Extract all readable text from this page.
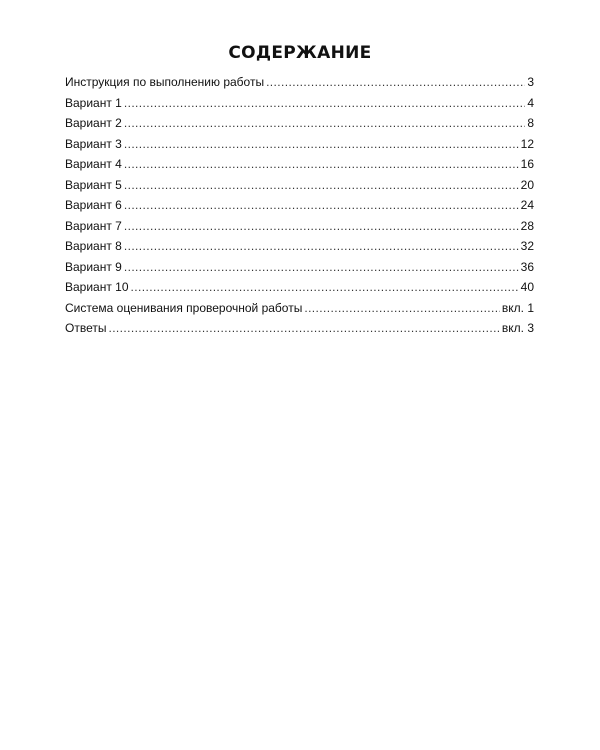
СОДЕРЖАНИЕ
Инструкция по выполнению работы .....	3
Вариант 1 .....	4
Вариант 2 .....	8
Вариант 3 .....	12
Вариант 4 .....	16
Вариант 5 .....	20
Вариант 6 .....	24
Вариант 7 .....	28
Вариант 8 .....	32
Вариант 9 .....	36
Вариант 10 .....	40
Система оценивания проверочной работы .....	вкл. 1
Ответы .....	вкл. 3
